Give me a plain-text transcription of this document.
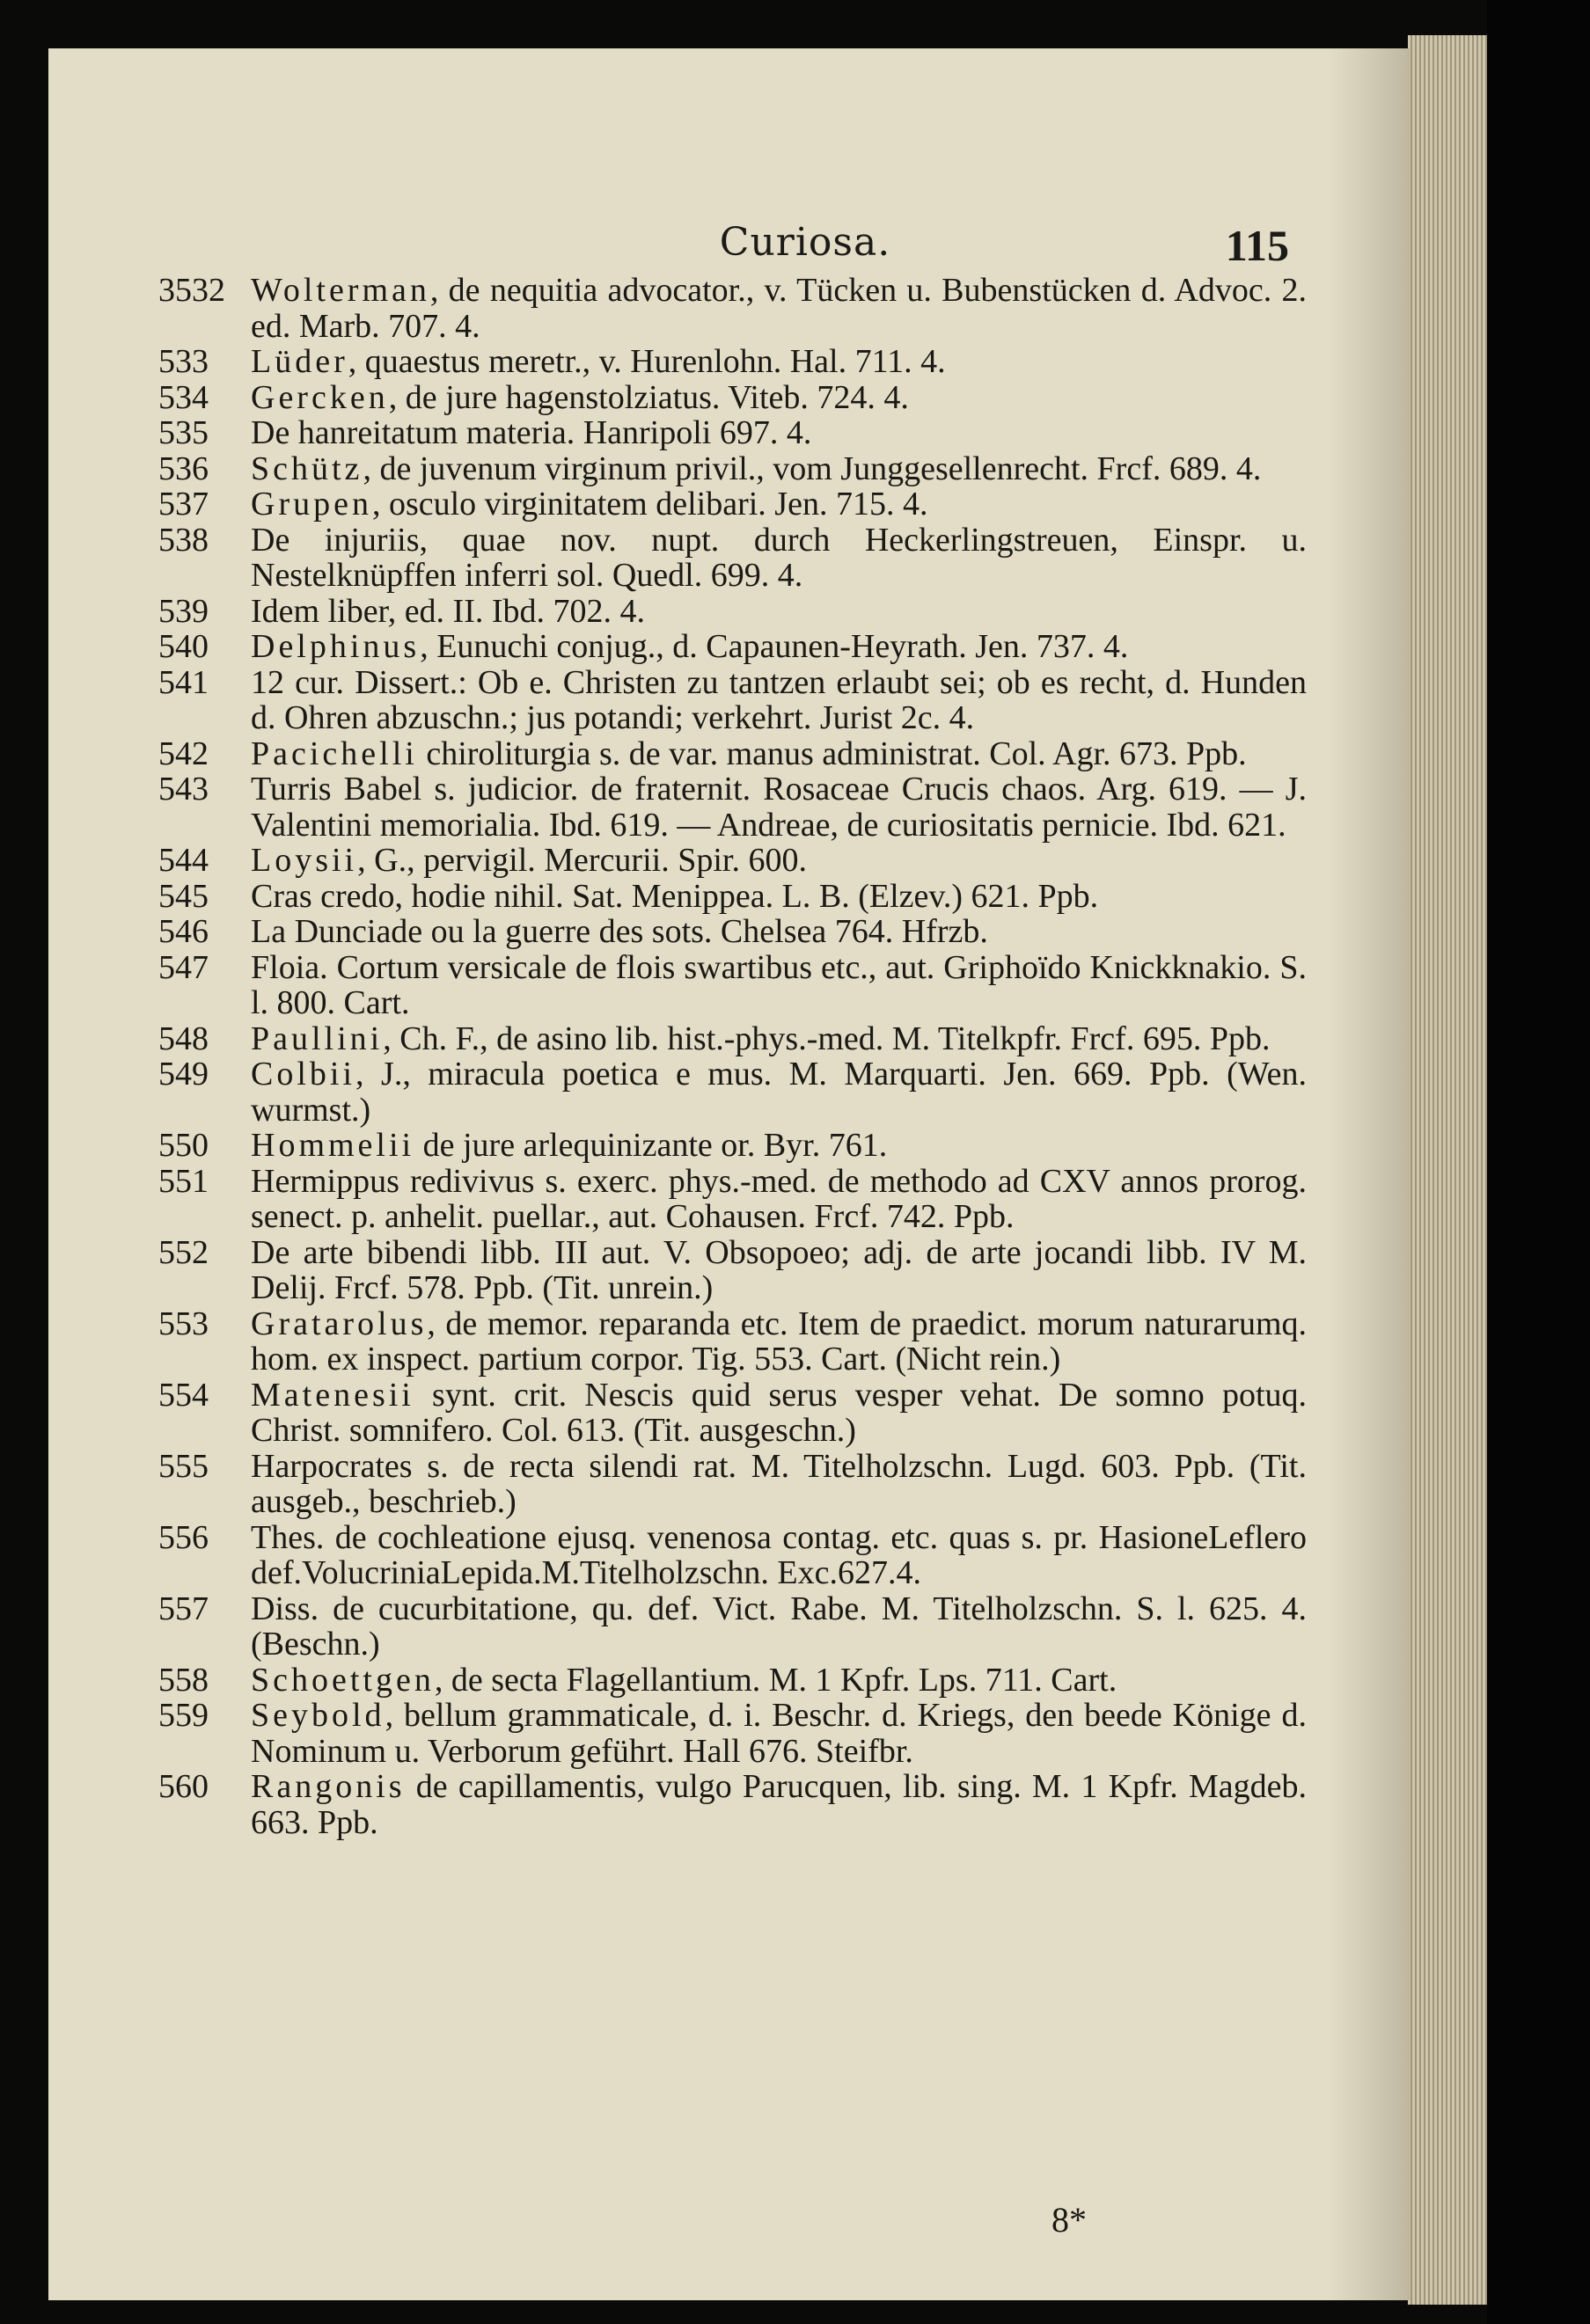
Curiosa.	115
3532 Wolterman, de nequitia advocator., v. Tücken u. Bubenstücken d. Advoc. 2. ed. Marb. 707. 4.
533	Lüder, quaestus meretr., v. Hurenlohn. Hal. 711. 4.
534	Gercken, de jure hagenstolziatus. Viteb. 724. 4.
535	De hanreitatum materia. Hanripoli 697. 4.
536	Schütz, de juvenum virginum privil., vom Junggesellenrecht. Frcf. 689. 4.
537	Grupen, osculo virginitatem delibari. Jen. 715. 4.
538	De injuriis, quae nov. nupt. durch Heckerlingstreuen, Einspr. u. Nestelknüpffen inferri sol. Quedl. 699. 4.
539	Idem liber, ed. II. Ibd. 702. 4.
540	Delphinus, Eunuchi conjug., d. Capaunen-Heyrath. Jen. 737. 4.
541	12 cur. Dissert.: Ob e. Christen zu tantzen erlaubt sei; ob es recht, d. Hunden d. Ohren abzuschn.; jus potandi; verkehrt. Jurist 2c. 4.
542	Pacichelli chiroliturgia s. de var. manus administrat. Col. Agr. 673. Ppb.
543	Turris Babel s. judicior. de fraternit. Rosaceae Crucis chaos. Arg. 619. — J. Valentini memorialia. Ibd. 619. — Andreae, de curiositatis pernicie. Ibd. 621.
544	Loysii, G., pervigil. Mercurii. Spir. 600.
545	Cras credo, hodie nihil. Sat. Menippea. L. B. (Elzev.) 621. Ppb.
546	La Dunciade ou la guerre des sots. Chelsea 764. Hfrzb.
547	Floia. Cortum versicale de flois swartibus etc., aut. Griphoïdo Knickknakio. S. l. 800. Cart.
548	Paullini, Ch. F., de asino lib. hist.-phys.-med. M. Titelkpfr. Frcf. 695. Ppb.
549	Colbii, J., miracula poetica e mus. M. Marquarti. Jen. 669. Ppb. (Wen. wurmst.)
550	Hommelii de jure arlequinizante or. Byr. 761.
551	Hermippus redivivus s. exerc. phys.-med. de methodo ad CXV annos prorog. senect. p. anhelit. puellar., aut. Cohausen. Frcf. 742. Ppb.
552	De arte bibendi libb. III aut. V. Obsopoeo; adj. de arte jocandi libb. IV M. Delij. Frcf. 578. Ppb. (Tit. unrein.)
553	Gratarolus, de memor. reparanda etc. Item de praedict. morum naturarumq. hom. ex inspect. partium corpor. Tig. 553. Cart. (Nicht rein.)
554	Matenesii synt. crit. Nescis quid serus vesper vehat. De somno potuq. Christ. somnifero. Col. 613. (Tit. ausgeschn.)
555	Harpocrates s. de recta silendi rat. M. Titelholzschn. Lugd. 603. Ppb. (Tit. ausgeb., beschrieb.)
556	Thes. de cochleatione ejusq. venenosa contag. etc. quas s. pr. HasioneLeflero def.VolucriniaLepida.M.Titelholzschn. Exc.627.4.
557	Diss. de cucurbitatione, qu. def. Vict. Rabe. M. Titelholzschn. S. l. 625. 4. (Beschn.)
558	Schoettgen, de secta Flagellantium. M. 1 Kpfr. Lps. 711. Cart.
559	Seybold, bellum grammaticale, d. i. Beschr. d. Kriegs, den beede Könige d. Nominum u. Verborum geführt. Hall 676. Steifbr.
560	Rangonis de capillamentis, vulgo Parucquen, lib. sing. M. 1 Kpfr. Magdeb. 663. Ppb.
8*
